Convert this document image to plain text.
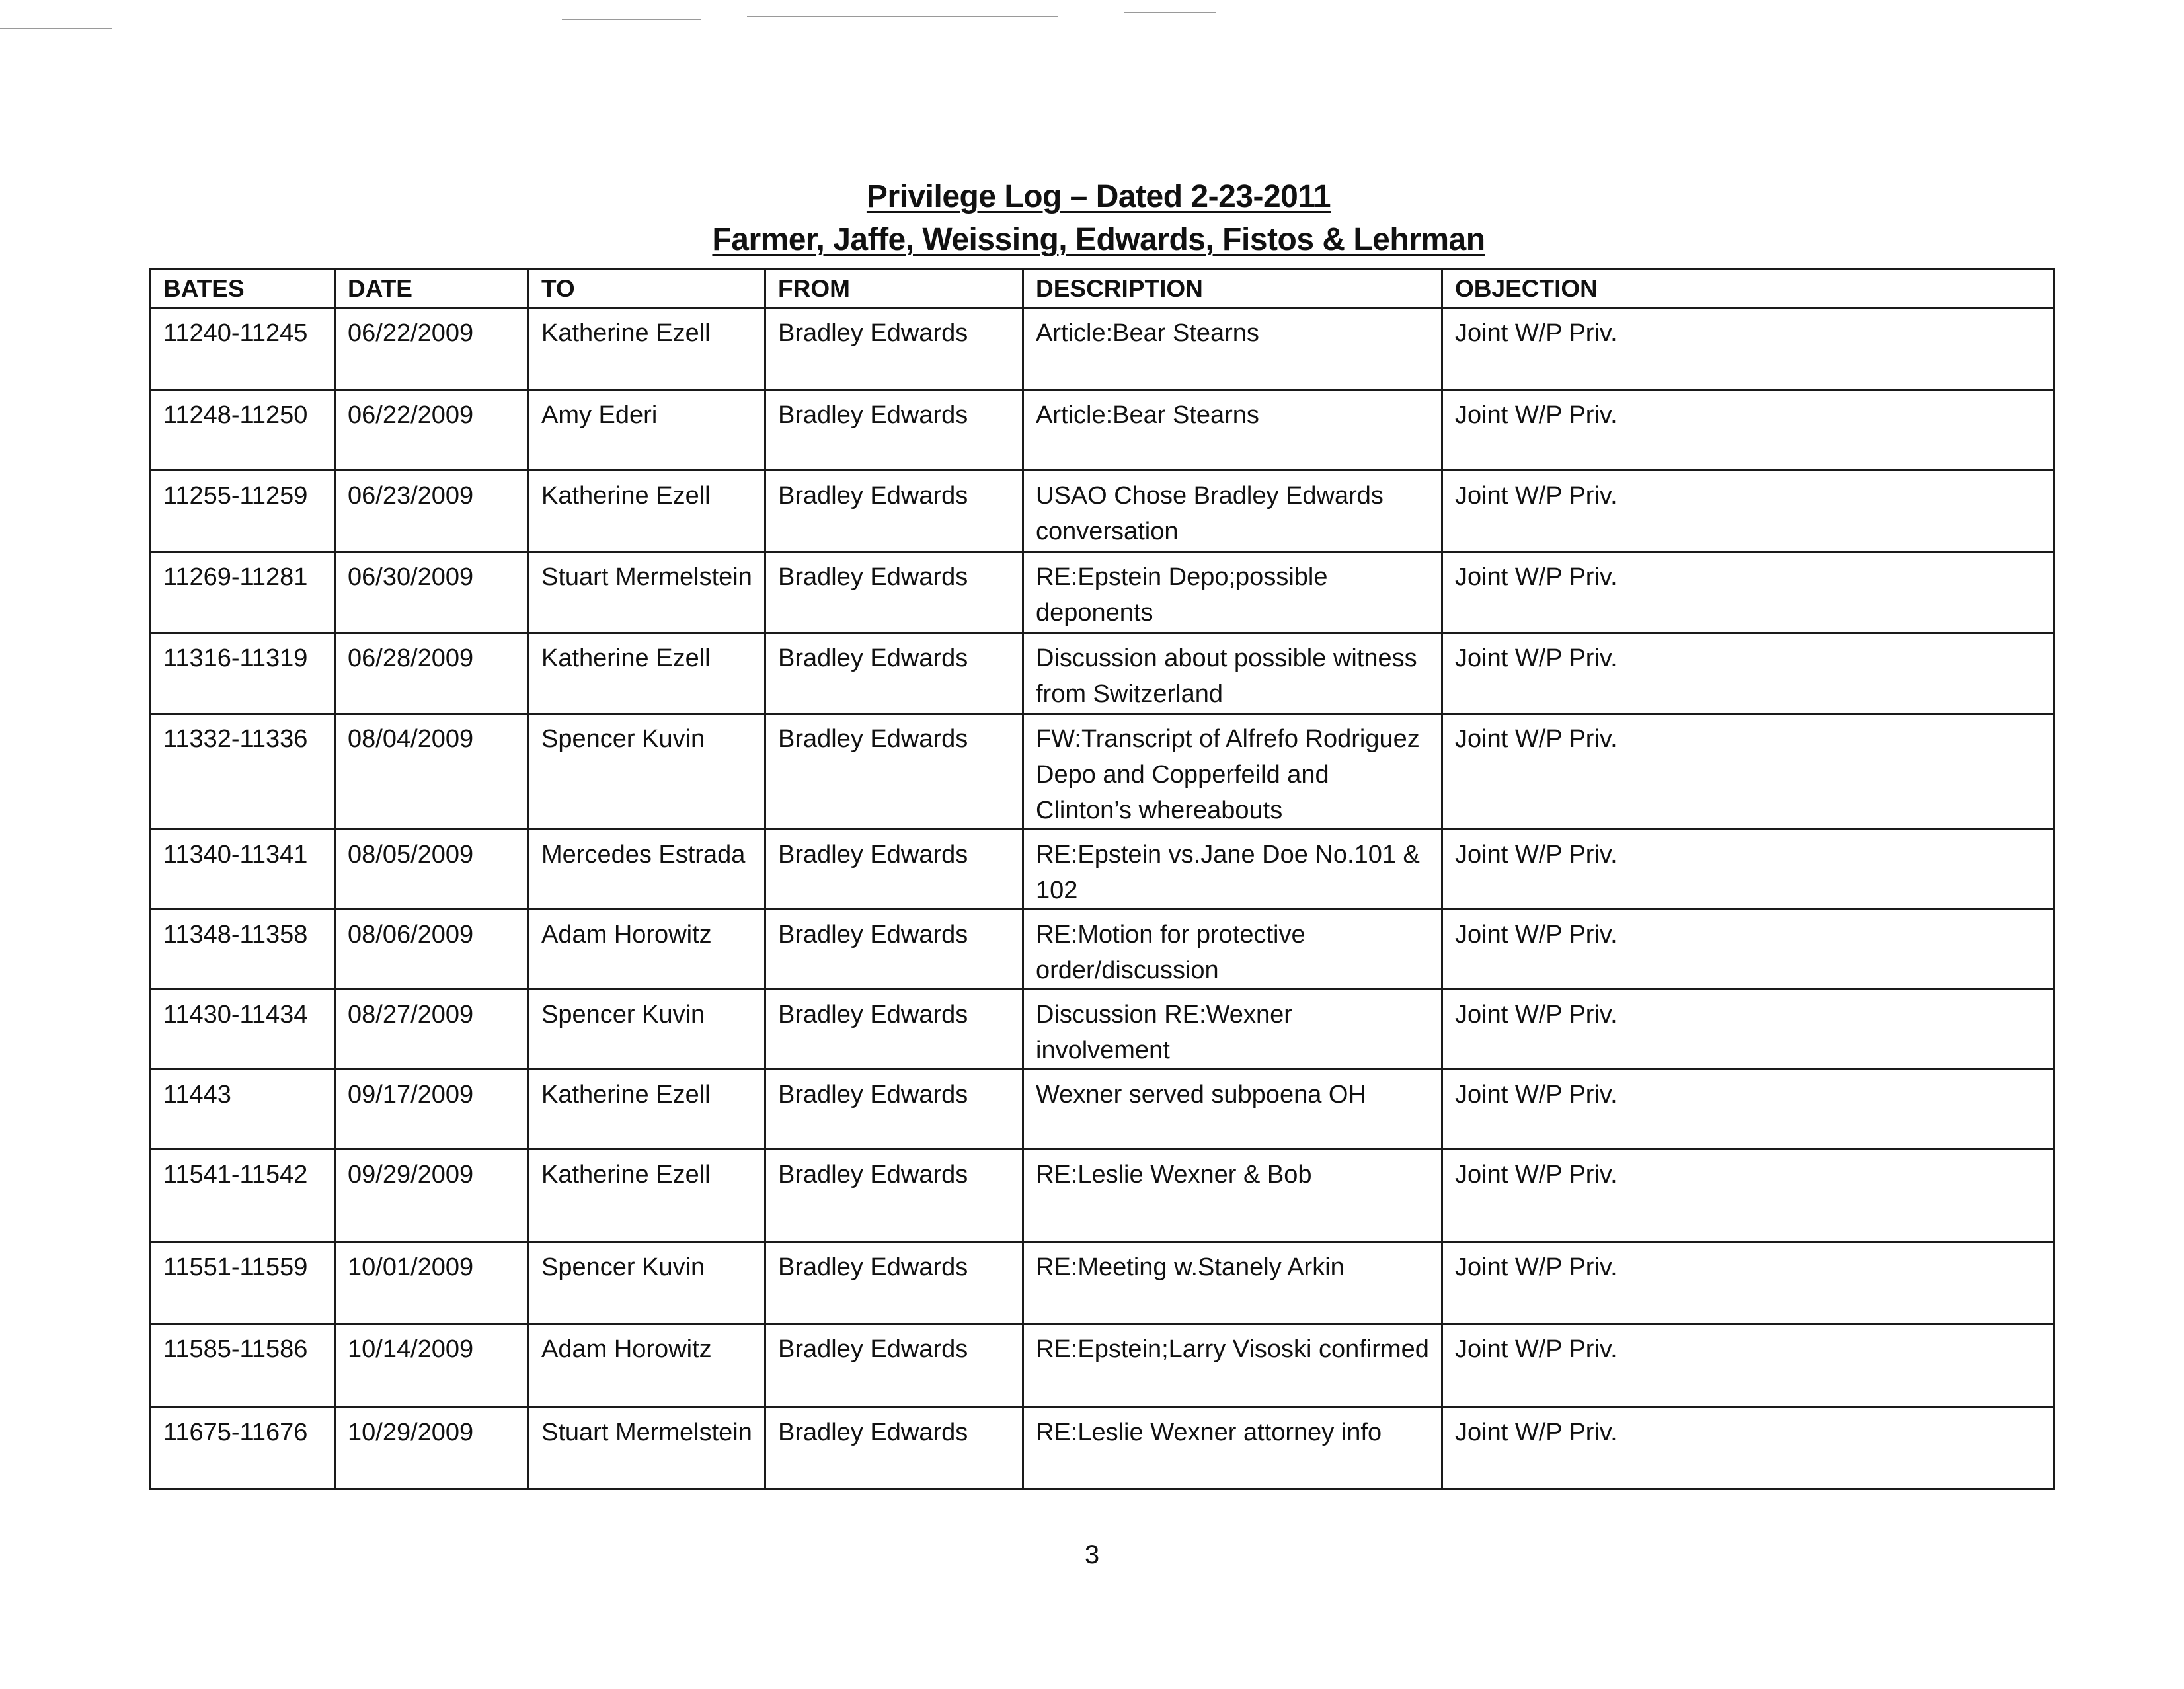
Privilege Log – Dated 2-23-2011
Farmer, Jaffe, Weissing, Edwards, Fistos & Lehrman
BATES	DATE	TO	FROM	DESCRIPTION	OBJECTION
11240-11245	06/22/2009	Katherine Ezell	Bradley Edwards	Article:Bear Stearns	Joint W/P Priv.
11248-11250	06/22/2009	Amy Ederi	Bradley Edwards	Article:Bear Stearns	Joint W/P Priv.
11255-11259	06/23/2009	Katherine Ezell	Bradley Edwards	USAO Chose Bradley Edwards conversation	Joint W/P Priv.
11269-11281	06/30/2009	Stuart Mermelstein	Bradley Edwards	RE:Epstein Depo;possible deponents	Joint W/P Priv.
11316-11319	06/28/2009	Katherine Ezell	Bradley Edwards	Discussion about possible witness from Switzerland	Joint W/P Priv.
11332-11336	08/04/2009	Spencer Kuvin	Bradley Edwards	FW:Transcript of Alfrefo Rodriguez Depo and Copperfeild and Clinton’s whereabouts	Joint W/P Priv.
11340-11341	08/05/2009	Mercedes Estrada	Bradley Edwards	RE:Epstein vs.Jane Doe No.101 & 102	Joint W/P Priv.
11348-11358	08/06/2009	Adam Horowitz	Bradley Edwards	RE:Motion for protective order/discussion	Joint W/P Priv.
11430-11434	08/27/2009	Spencer Kuvin	Bradley Edwards	Discussion RE:Wexner involvement	Joint W/P Priv.
11443	09/17/2009	Katherine Ezell	Bradley Edwards	Wexner served subpoena OH	Joint W/P Priv.
11541-11542	09/29/2009	Katherine Ezell	Bradley Edwards	RE:Leslie Wexner & Bob	Joint W/P Priv.
11551-11559	10/01/2009	Spencer Kuvin	Bradley Edwards	RE:Meeting w.Stanely Arkin	Joint W/P Priv.
11585-11586	10/14/2009	Adam Horowitz	Bradley Edwards	RE:Epstein;Larry Visoski confirmed	Joint W/P Priv.
11675-11676	10/29/2009	Stuart Mermelstein	Bradley Edwards	RE:Leslie Wexner attorney info	Joint W/P Priv.
3
